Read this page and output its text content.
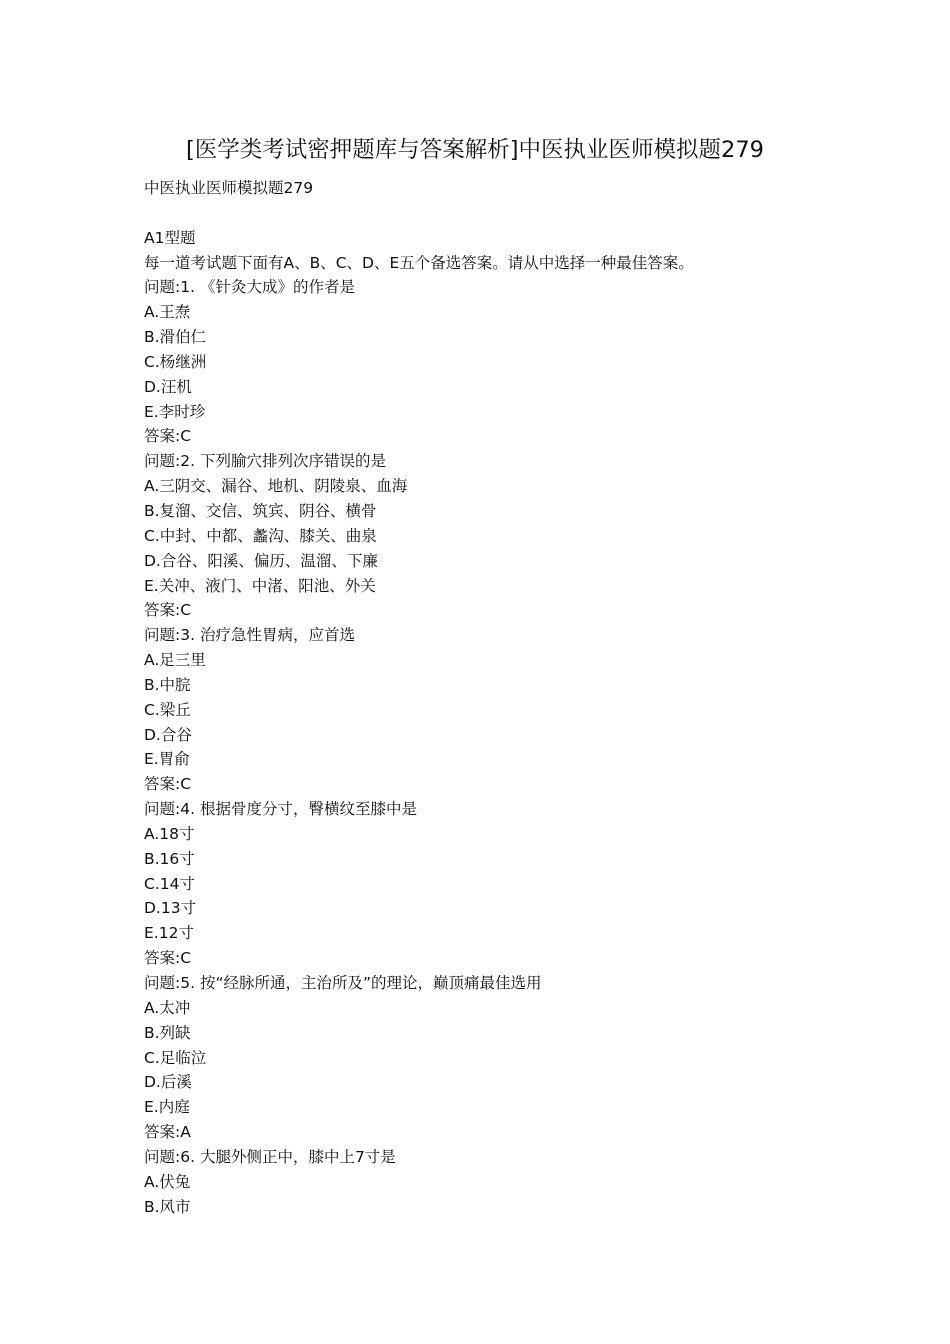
[医学类考试密押题库与答案解析]中医执业医师模拟题279
中医执业医师模拟题279
A1型题
每一道考试题下面有A、B、C、D、E五个备选答案。请从中选择一种最佳答案。
问题:1. 《针灸大成》的作者是
A.王焘
B.滑伯仁
C.杨继洲
D.汪机
E.李时珍
答案:C
问题:2. 下列腧穴排列次序错误的是
A.三阴交、漏谷、地机、阴陵泉、血海
B.复溜、交信、筑宾、阴谷、横骨
C.中封、中都、蠡沟、膝关、曲泉
D.合谷、阳溪、偏历、温溜、下廉
E.关冲、液门、中渚、阳池、外关
答案:C
问题:3. 治疗急性胃病，应首选
A.足三里
B.中脘
C.梁丘
D.合谷
E.胃俞
答案:C
问题:4. 根据骨度分寸，臀横纹至膝中是
A.18寸
B.16寸
C.14寸
D.13寸
E.12寸
答案:C
问题:5. 按“经脉所通，主治所及”的理论，巅顶痛最佳选用
A.太冲
B.列缺
C.足临泣
D.后溪
E.内庭
答案:A
问题:6. 大腿外侧正中，膝中上7寸是
A.伏兔
B.风市
